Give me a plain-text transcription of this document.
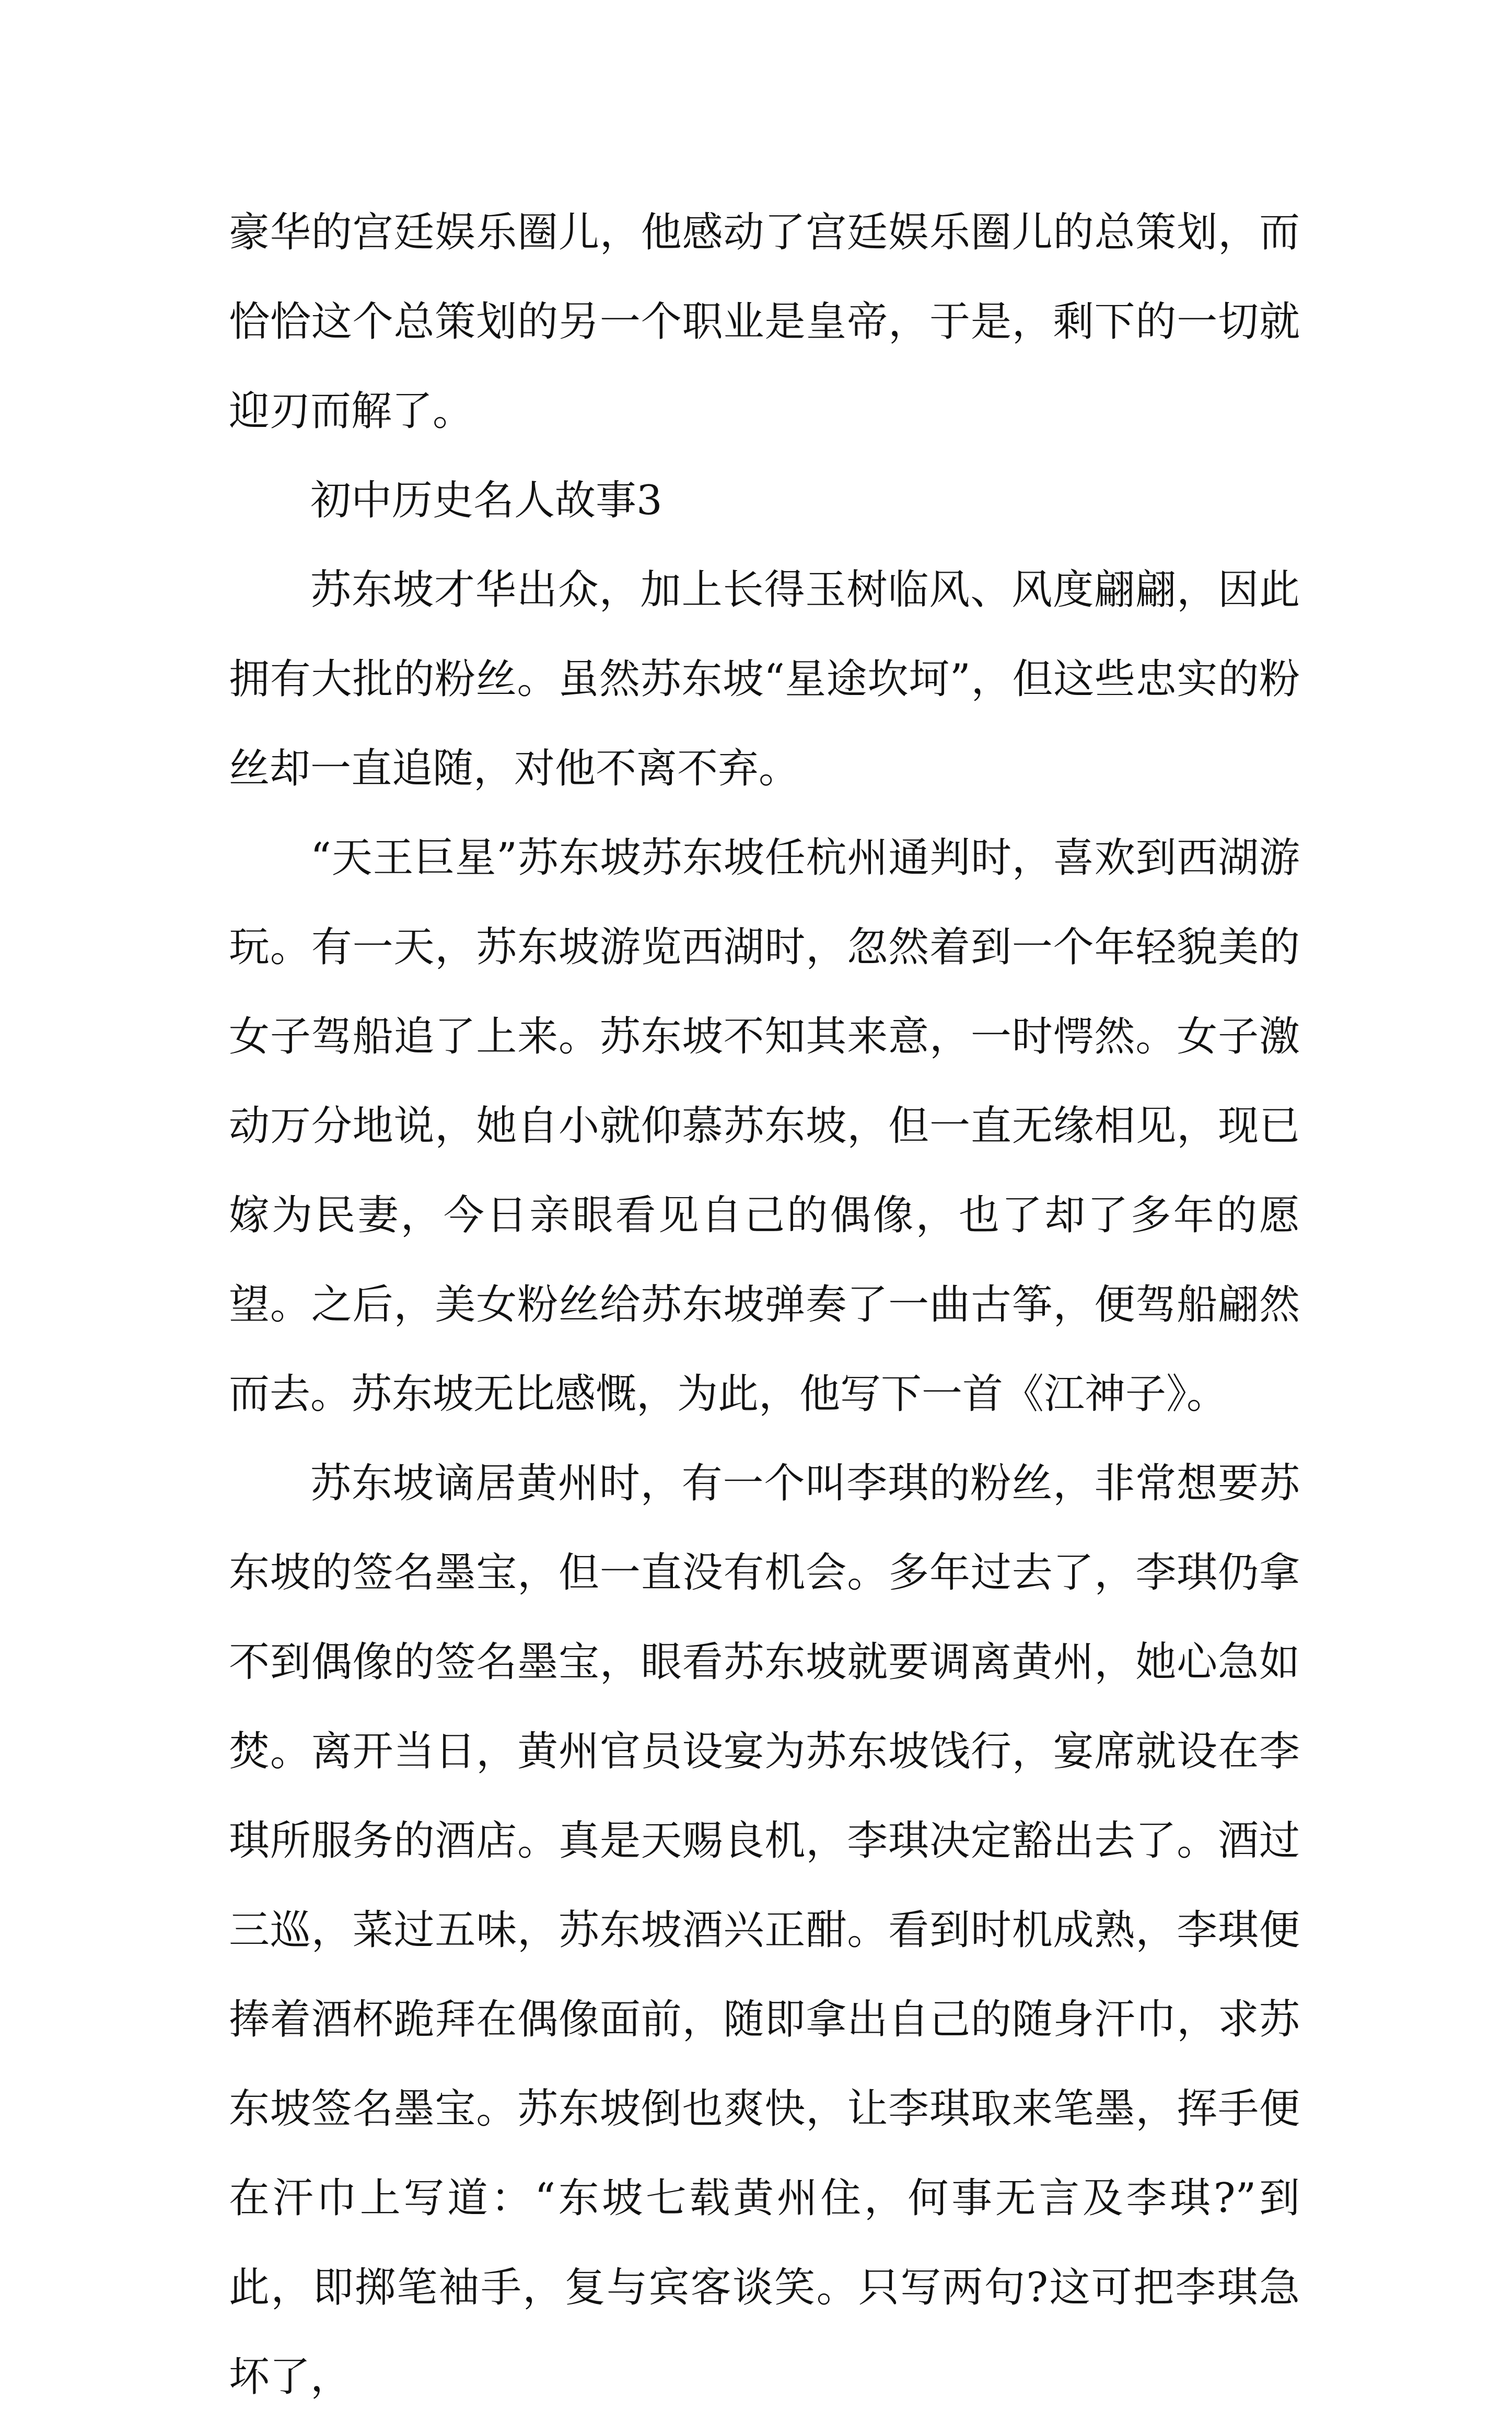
豪华的宫廷娱乐圈儿，他感动了宫廷娱乐圈儿的总策划，而恰恰这个总策划的另一个职业是皇帝，于是，剩下的一切就迎刃而解了。

初中历史名人故事3

苏东坡才华出众，加上长得玉树临风、风度翩翩，因此拥有大批的粉丝。虽然苏东坡“星途坎坷”，但这些忠实的粉丝却一直追随，对他不离不弃。

“天王巨星”苏东坡苏东坡任杭州通判时，喜欢到西湖游玩。有一天，苏东坡游览西湖时，忽然着到一个年轻貌美的女子驾船追了上来。苏东坡不知其来意，一时愕然。女子激动万分地说，她自小就仰慕苏东坡，但一直无缘相见，现已嫁为民妻，今日亲眼看见自己的偶像，也了却了多年的愿望。之后，美女粉丝给苏东坡弹奏了一曲古筝，便驾船翩然而去。苏东坡无比感慨，为此，他写下一首《江神子》。

苏东坡谪居黄州时，有一个叫李琪的粉丝，非常想要苏东坡的签名墨宝，但一直没有机会。多年过去了，李琪仍拿不到偶像的签名墨宝，眼看苏东坡就要调离黄州，她心急如焚。离开当日，黄州官员设宴为苏东坡饯行，宴席就设在李琪所服务的酒店。真是天赐良机，李琪决定豁出去了。酒过三巡，菜过五味，苏东坡酒兴正酣。看到时机成熟，李琪便捧着酒杯跪拜在偶像面前，随即拿出自己的随身汗巾，求苏东坡签名墨宝。苏东坡倒也爽快，让李琪取来笔墨，挥手便在汗巾上写道：“东坡七载黄州住，何事无言及李琪?”到此，即掷笔袖手，复与宾客谈笑。只写两句?这可把李琪急坏了，
